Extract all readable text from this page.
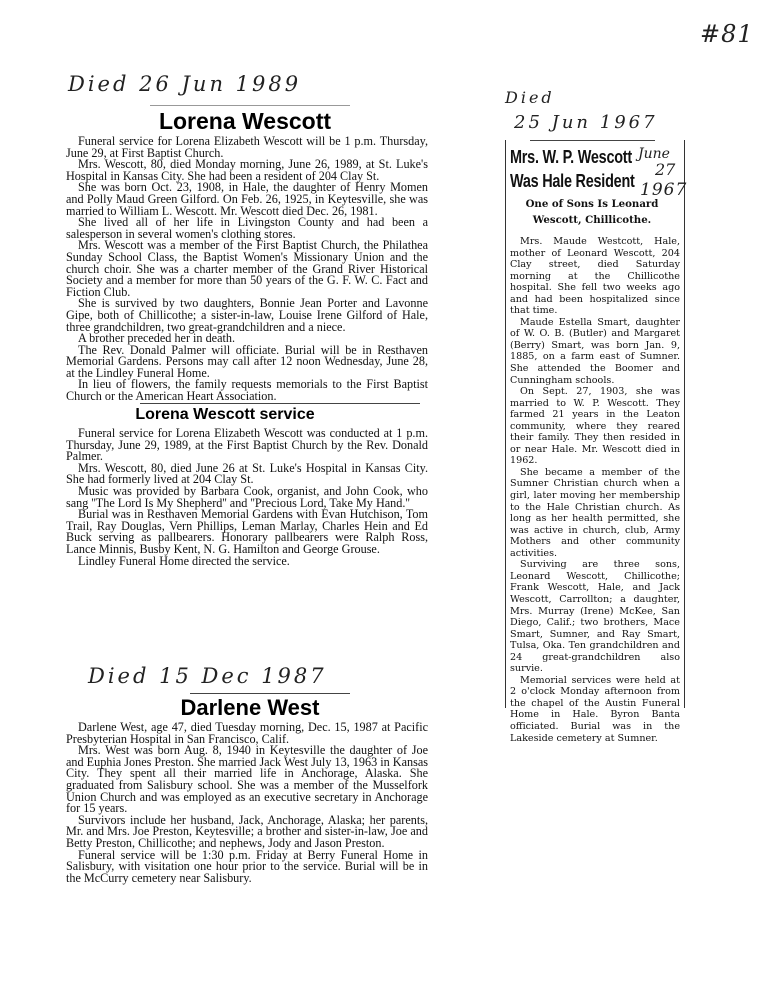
#81
Died 26 Jun 1989
Lorena Wescott

Funeral service for Lorena Elizabeth Wescott will be 1 p.m. Thursday, June 29, at First Baptist Church.

Mrs. Wescott, 80, died Monday morning, June 26, 1989, at St. Luke's Hospital in Kansas City. She had been a resident of 204 Clay St.

She was born Oct. 23, 1908, in Hale, the daughter of Henry Momen and Polly Maud Green Gilford. On Feb. 26, 1925, in Keytesville, she was married to William L. Wescott. Mr. Wescott died Dec. 26, 1981.

She lived all of her life in Livingston County and had been a salesperson in several women's clothing stores.

Mrs. Wescott was a member of the First Baptist Church, the Philathea Sunday School Class, the Baptist Women's Missionary Union and the church choir. She was a charter member of the Grand River Historical Society and a member for more than 50 years of the G. F. W. C. Fact and Fiction Club.

She is survived by two daughters, Bonnie Jean Porter and Lavonne Gipe, both of Chillicothe; a sister-in-law, Louise Irene Gilford of Hale, three grandchildren, two great-grandchildren and a niece.

A brother preceded her in death.

The Rev. Donald Palmer will officiate. Burial will be in Resthaven Memorial Gardens. Persons may call after 12 noon Wednesday, June 28, at the Lindley Funeral Home.

In lieu of flowers, the family requests memorials to the First Baptist Church or the American Heart Association.

Lorena Wescott service

Funeral service for Lorena Elizabeth Wescott was conducted at 1 p.m. Thursday, June 29, 1989, at the First Baptist Church by the Rev. Donald Palmer.

Mrs. Wescott, 80, died June 26 at St. Luke's Hospital in Kansas City. She had formerly lived at 204 Clay St.

Music was provided by Barbara Cook, organist, and John Cook, who sang ''The Lord Is My Shepherd'' and ''Precious Lord, Take My Hand.''

Burial was in Resthaven Memorial Gardens with Evan Hutchison, Tom Trail, Ray Douglas, Vern Phillips, Leman Marlay, Charles Hein and Ed Buck serving as pallbearers. Honorary pallbearers were Ralph Ross, Lance Minnis, Busby Kent, N. G. Hamilton and George Grouse.

Lindley Funeral Home directed the service.

Died 15 Dec 1987
Darlene West

Darlene West, age 47, died Tuesday morning, Dec. 15, 1987 at Pacific Presbyterian Hospital in San Francisco, Calif.

Mrs. West was born Aug. 8, 1940 in Keytesville the daughter of Joe and Euphia Jones Preston. She married Jack West July 13, 1963 in Kansas City. They spent all their married life in Anchorage, Alaska. She graduated from Salisbury school. She was a member of the Musselfork Union Church and was employed as an executive secretary in Anchorage for 15 years.

Survivors include her husband, Jack, Anchorage, Alaska; her parents, Mr. and Mrs. Joe Preston, Keytesville; a brother and sister-in-law, Joe and Betty Preston, Chillicothe; and nephews, Jody and Jason Preston.

Funeral service will be 1:30 p.m. Friday at Berry Funeral Home in Salisbury, with visitation one hour prior to the service. Burial will be in the McCurry cemetery near Salisbury.

Died
25 Jun 1967
Mrs. W. P. Wescott
Was Hale Resident
June
27
1967
One of Sons Is Leonard Wescott, Chillicothe.

Mrs. Maude Westcott, Hale, mother of Leonard Wescott, 204 Clay street, died Saturday morning at the Chillicothe hospital. She fell two weeks ago and had been hospitalized since that time.

Maude Estella Smart, daughter of W. O. B. (Butler) and Margaret (Berry) Smart, was born Jan. 9, 1885, on a farm east of Sumner. She attended the Boomer and Cunningham schools.

On Sept. 27, 1903, she was married to W. P. Wescott. They farmed 21 years in the Leaton community, where they reared their family. They then resided in or near Hale. Mr. Wescott died in 1962.

She became a member of the Sumner Christian church when a girl, later moving her membership to the Hale Christian church. As long as her health permitted, she was active in church, club, Army Mothers and other community activities.

Surviving are three sons, Leonard Wescott, Chillicothe; Frank Wescott, Hale, and Jack Wescott, Carrollton; a daughter, Mrs. Murray (Irene) McKee, San Diego, Calif.; two brothers, Mace Smart, Sumner, and Ray Smart, Tulsa, Oka. Ten grandchildren and 24 great-grandchildren also survie.

Memorial services were held at 2 o'clock Monday afternoon from the chapel of the Austin Funeral Home in Hale. Byron Banta officiated. Burial was in the Lakeside cemetery at Sumner.
